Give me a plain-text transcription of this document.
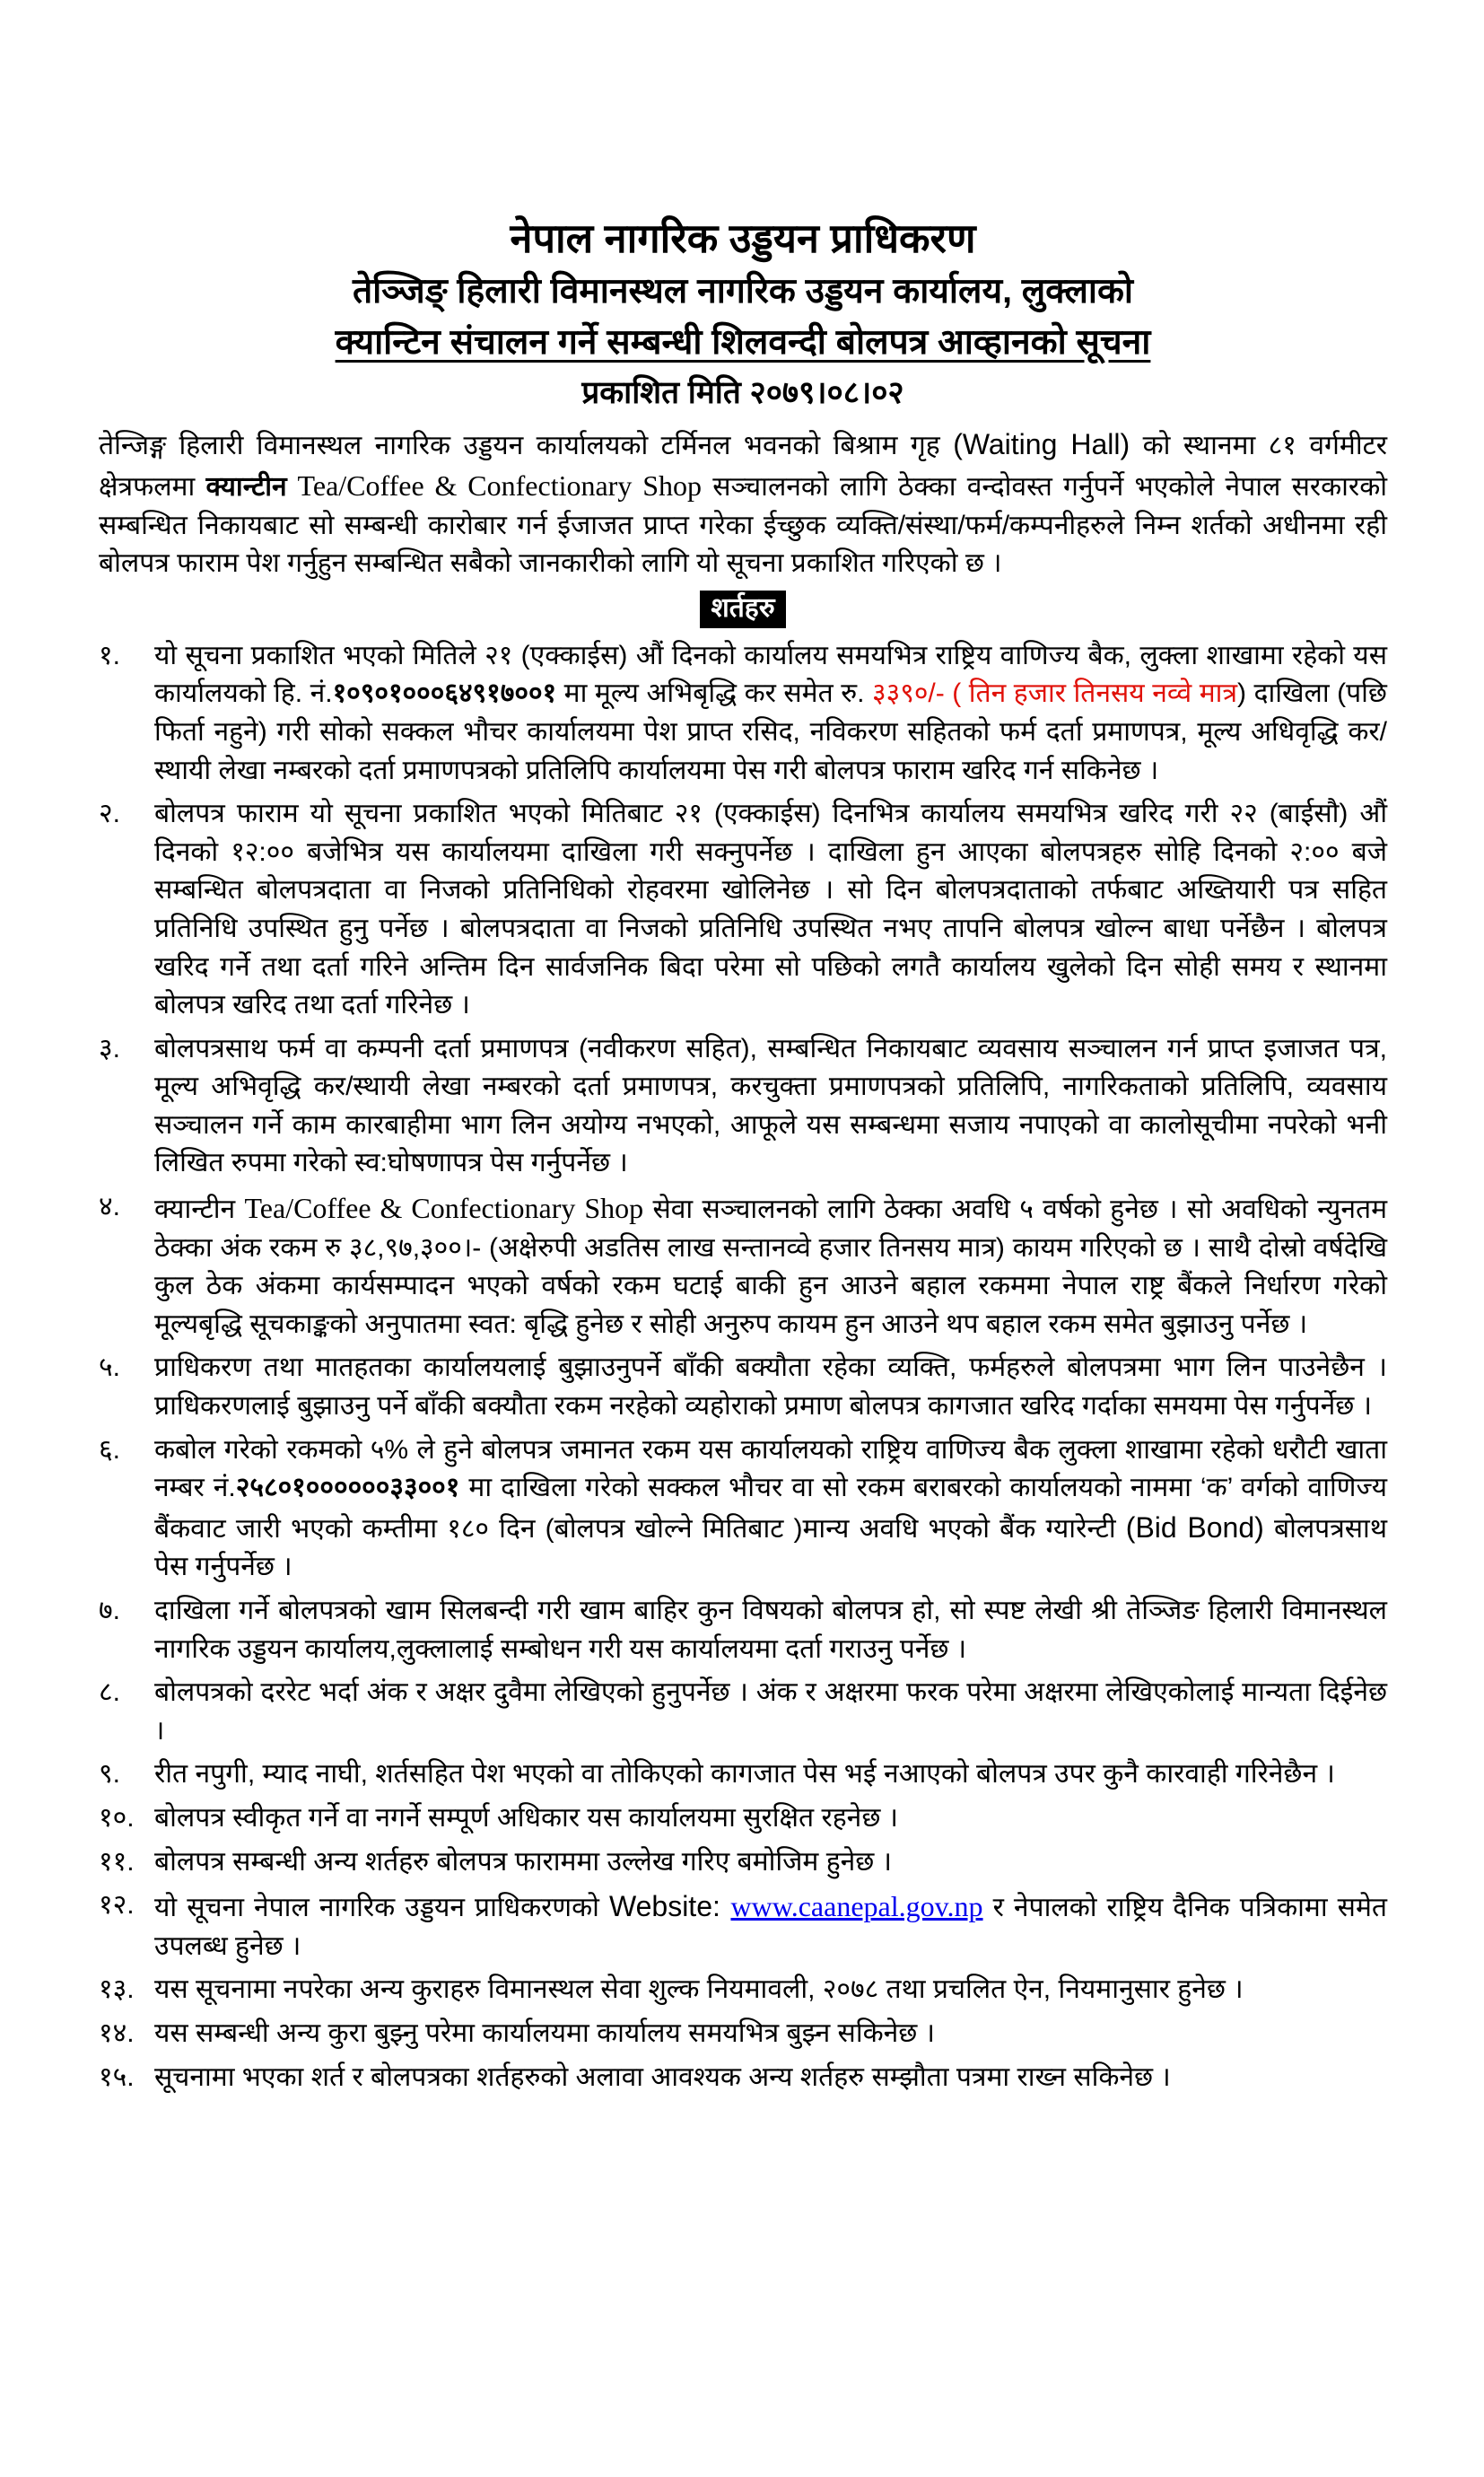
नेपाल नागरिक उड्डयन प्राधिकरण
तेञ्जिङ् हिलारी विमानस्थल नागरिक उड्डयन कार्यालय, लुक्लाको
क्यान्टिन संचालन गर्ने सम्बन्धी शिलवन्दी बोलपत्र आव्हानको सूचना
प्रकाशित मिति २०७९।०८।०२
तेन्जिङ्ग हिलारी विमानस्थल नागरिक उड्डयन कार्यालयको टर्मिनल भवनको बिश्राम गृह (Waiting Hall) को स्थानमा ८१ वर्गमीटर क्षेत्रफलमा क्यान्टीन Tea/Coffee & Confectionary Shop सञ्चालनको लागि ठेक्का वन्दोवस्त गर्नुपर्ने भएकोले नेपाल सरकारको सम्बन्धित निकायबाट सो सम्बन्धी कारोबार गर्न ईजाजत प्राप्त गरेका ईच्छुक व्यक्ति/संस्था/फर्म/कम्पनीहरुले निम्न शर्तको अधीनमा रही बोलपत्र फाराम पेश गर्नुहुन सम्बन्धित सबैको जानकारीको लागि यो सूचना प्रकाशित गरिएको छ ।
शर्तहरु
१.	यो सूचना प्रकाशित भएको मितिले २१ (एक्काईस) औं दिनको कार्यालय समयभित्र राष्ट्रिय वाणिज्य बैक, लुक्ला शाखामा रहेको यस कार्यालयको हि. नं.१०९०१०००६४९१७००१ मा मूल्य अभिबृद्धि कर समेत रु. ३३९०/- ( तिन हजार तिनसय नव्वे मात्र) दाखिला (पछि फिर्ता नहुने) गरी सोको सक्कल भौचर कार्यालयमा पेश प्राप्त रसिद, नविकरण सहितको फर्म दर्ता प्रमाणपत्र, मूल्य अधिवृद्धि कर/ स्थायी लेखा नम्बरको दर्ता प्रमाणपत्रको प्रतिलिपि कार्यालयमा पेस गरी बोलपत्र फाराम खरिद गर्न सकिनेछ ।
२.	बोलपत्र फाराम यो सूचना प्रकाशित भएको मितिबाट २१ (एक्काईस) दिनभित्र कार्यालय समयभित्र खरिद गरी २२ (बाईसौ) औं दिनको १२:०० बजेभित्र यस कार्यालयमा दाखिला गरी सक्नुपर्नेछ । दाखिला हुन आएका बोलपत्रहरु सोहि दिनको २:०० बजे सम्बन्धित बोलपत्रदाता वा निजको प्रतिनिधिको रोहवरमा खोलिनेछ । सो दिन बोलपत्रदाताको तर्फबाट अख्तियारी पत्र सहित प्रतिनिधि उपस्थित हुनु पर्नेछ । बोलपत्रदाता वा निजको प्रतिनिधि उपस्थित नभए तापनि बोलपत्र खोल्न बाधा पर्नेछैन । बोलपत्र खरिद गर्ने तथा दर्ता गरिने अन्तिम दिन सार्वजनिक बिदा परेमा सो पछिको लगतै कार्यालय खुलेको दिन सोही समय र स्थानमा बोलपत्र खरिद तथा दर्ता गरिनेछ ।
३.	बोलपत्रसाथ फर्म वा कम्पनी दर्ता प्रमाणपत्र (नवीकरण सहित), सम्बन्धित निकायबाट व्यवसाय सञ्चालन गर्न प्राप्त इजाजत पत्र, मूल्य अभिवृद्धि कर/स्थायी लेखा नम्बरको दर्ता प्रमाणपत्र, करचुक्ता प्रमाणपत्रको प्रतिलिपि, नागरिकताको प्रतिलिपि, व्यवसाय सञ्चालन गर्ने काम कारबाहीमा भाग लिन अयोग्य नभएको, आफूले यस सम्बन्धमा सजाय नपाएको वा कालोसूचीमा नपरेको भनी लिखित रुपमा गरेको स्व:घोषणापत्र पेस गर्नुपर्नेछ ।
४.	क्यान्टीन Tea/Coffee & Confectionary Shop सेवा सञ्चालनको लागि ठेक्का अवधि ५ वर्षको हुनेछ । सो अवधिको न्युनतम ठेक्का अंक रकम रु ३८,९७,३००।- (अक्षेरुपी अडतिस लाख सन्तानव्वे हजार तिनसय मात्र) कायम गरिएको छ । साथै दोस्रो वर्षदेखि कुल ठेक अंकमा कार्यसम्पादन भएको वर्षको रकम घटाई बाकी हुन आउने बहाल रकममा नेपाल राष्ट्र बैंकले निर्धारण गरेको मूल्यबृद्धि सूचकाङ्कको अनुपातमा स्वत: बृद्धि हुनेछ र सोही अनुरुप कायम हुन आउने थप बहाल रकम समेत बुझाउनु पर्नेछ ।
५.	प्राधिकरण तथा मातहतका कार्यालयलाई बुझाउनुपर्ने बाँकी बक्यौता रहेका व्यक्ति, फर्महरुले बोलपत्रमा भाग लिन पाउनेछैन । प्राधिकरणलाई बुझाउनु पर्ने बाँकी बक्यौता रकम नरहेको व्यहोराको प्रमाण बोलपत्र कागजात खरिद गर्दाका समयमा पेस गर्नुपर्नेछ ।
६.	कबोल गरेको रकमको ५% ले हुने बोलपत्र जमानत रकम यस कार्यालयको राष्ट्रिय वाणिज्य बैक लुक्ला शाखामा रहेको धरौटी खाता नम्बर नं.२५८०१००००००३३००१ मा दाखिला गरेको सक्कल भौचर वा सो रकम बराबरको कार्यालयको नाममा ‘क’ वर्गको वाणिज्य बैंकवाट जारी भएको कम्तीमा १८० दिन (बोलपत्र खोल्ने मितिबाट )मान्य अवधि भएको बैंक ग्यारेन्टी (Bid Bond) बोलपत्रसाथ पेस गर्नुपर्नेछ ।
७.	दाखिला गर्ने बोलपत्रको खाम सिलबन्दी गरी खाम बाहिर कुन विषयको बोलपत्र हो, सो स्पष्ट लेखी श्री तेञ्जिङ हिलारी विमानस्थल नागरिक उड्डयन कार्यालय,लुक्लालाई सम्बोधन गरी यस कार्यालयमा दर्ता गराउनु पर्नेछ ।
८.	बोलपत्रको दररेट भर्दा अंक र अक्षर दुवैमा लेखिएको हुनुपर्नेछ । अंक र अक्षरमा फरक परेमा अक्षरमा लेखिएकोलाई मान्यता दिईनेछ ।
९.	रीत नपुगी, म्याद नाघी, शर्तसहित पेश भएको वा तोकिएको कागजात पेस भई नआएको बोलपत्र उपर कुनै कारवाही गरिनेछैन ।
१०. बोलपत्र स्वीकृत गर्ने वा नगर्ने सम्पूर्ण अधिकार यस कार्यालयमा सुरक्षित रहनेछ ।
११. बोलपत्र सम्बन्धी अन्य शर्तहरु बोलपत्र फाराममा उल्लेख गरिए बमोजिम हुनेछ ।
१२. यो सूचना नेपाल नागरिक उड्डयन प्राधिकरणको Website: www.caanepal.gov.np र नेपालको राष्ट्रिय दैनिक पत्रिकामा समेत उपलब्ध हुनेछ ।
१३. यस सूचनामा नपरेका अन्य कुराहरु विमानस्थल सेवा शुल्क नियमावली, २०७८ तथा प्रचलित ऐन, नियमानुसार हुनेछ ।
१४. यस सम्बन्धी अन्य कुरा बुझ्नु परेमा कार्यालयमा कार्यालय समयभित्र बुझ्न सकिनेछ ।
१५. सूचनामा भएका शर्त र बोलपत्रका शर्तहरुको अलावा आवश्यक अन्य शर्तहरु सम्झौता पत्रमा राख्न सकिनेछ ।
